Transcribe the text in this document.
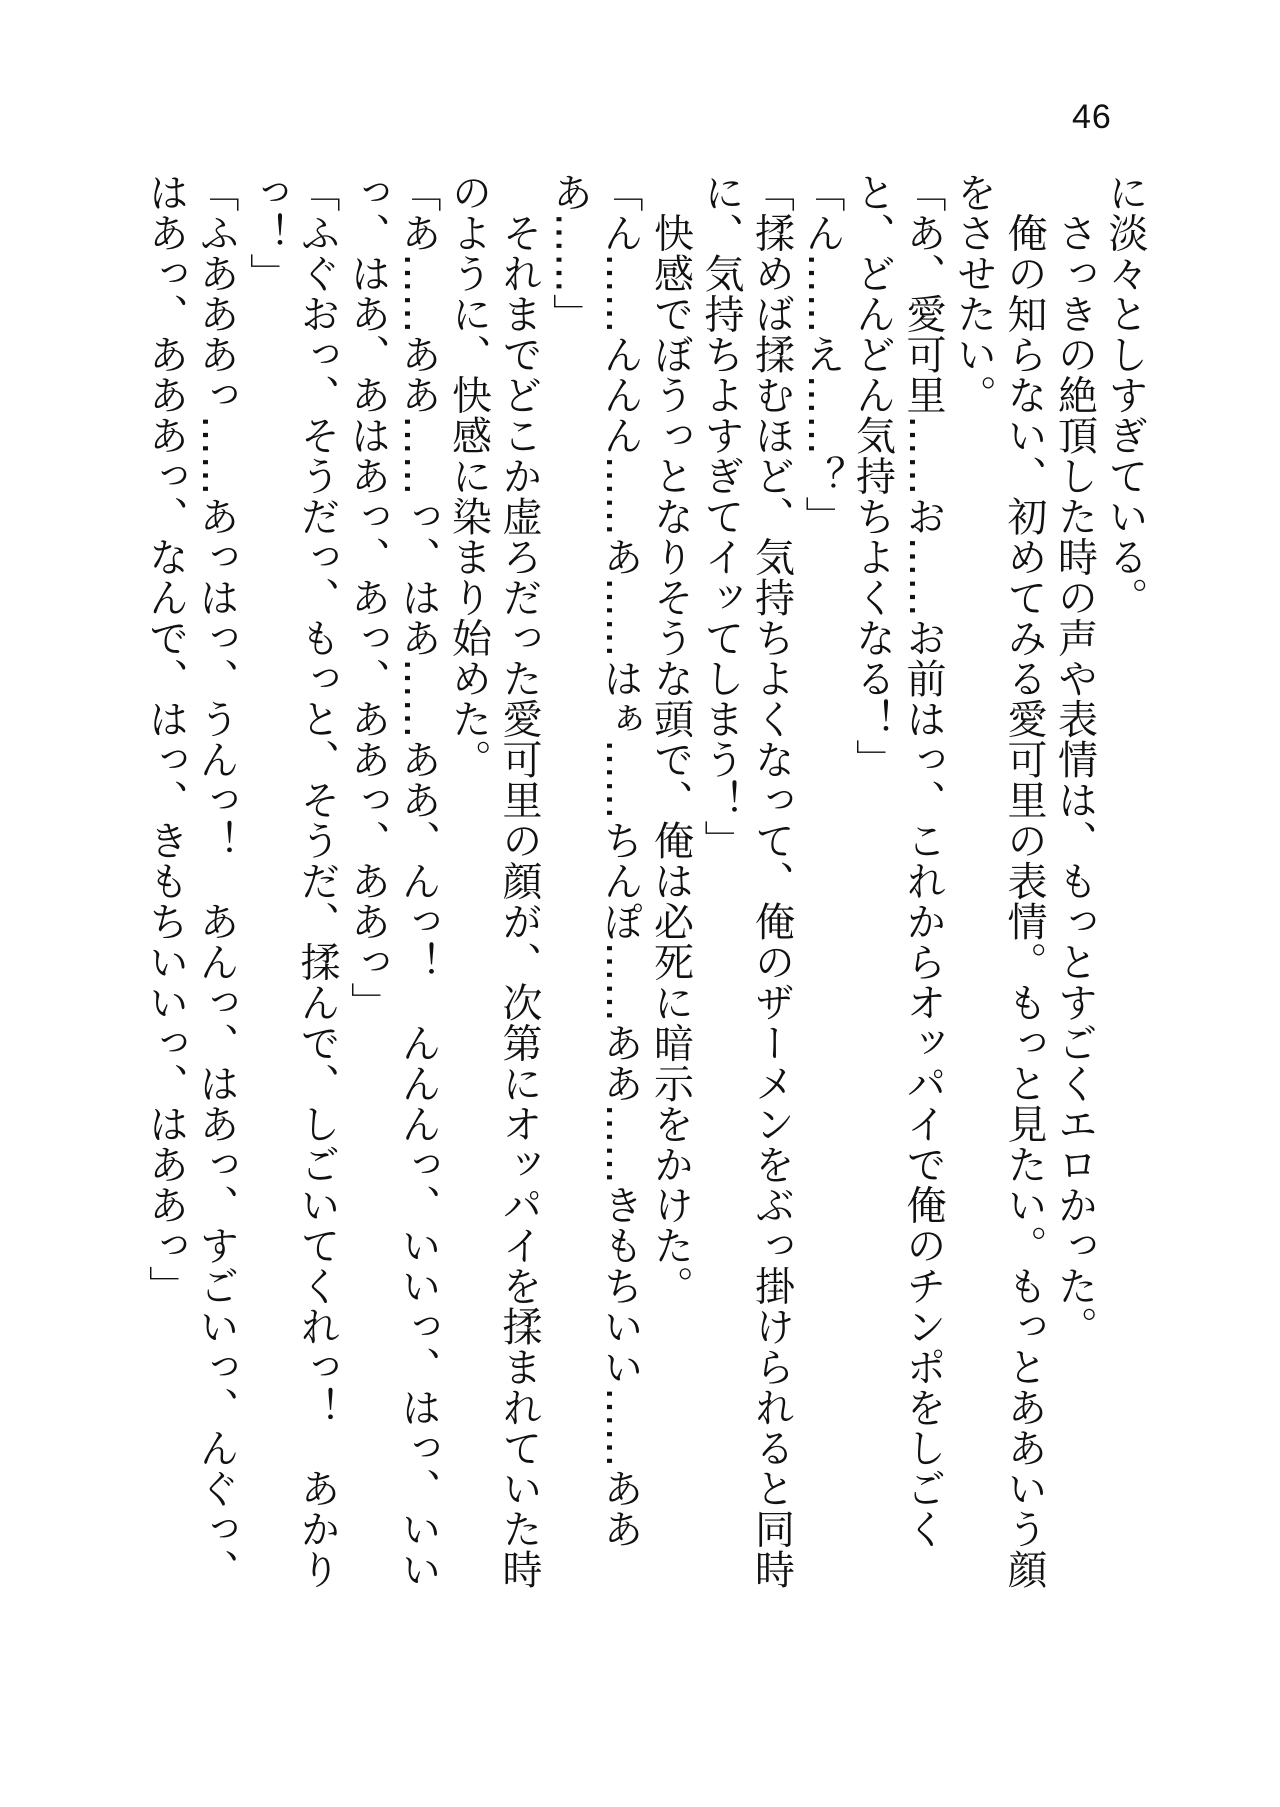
46

に淡々としすぎている。

　さっきの絶頂した時の声や表情は、もっとすごくエロかった。

　俺の知らない、初めてみる愛可里の表情。もっと見たい。もっとああいう顔をさせたい。

「あ、愛可里……お……お前はっ、これからオッパイで俺のチンポをしごくと、どんどん気持ちよくなる！」

「ん……え……？」

「揉めば揉むほど、気持ちよくなって、俺のザーメンをぶっ掛けられると同時に、気持ちよすぎてイッてしまう！」

　快感でぼうっとなりそうな頭で、俺は必死に暗示をかけた。

「ん……んんん……あ……はぁ……ちんぽ……ああ……きもちいい……あああ……」

　それまでどこか虚ろだった愛可里の顔が、次第にオッパイを揉まれていた時のように、快感に染まり始めた。

「あ……ああ……っ、はあ……ああ、んっ！　んんんっ、いいっ、はっ、いいっ、はあ、あはあっ、あっ、ああっ、ああっ」

「ふぐおっ、そうだっ、もっと、そうだ、揉んで、しごいてくれっ！　あかりっ！」

「ふあああっ……あっはっ、うんっ！　あんっ、はあっ、すごいっ、んぐっ、はあっ、あああっ、なんで、はっ、きもちいいっ、はああっ」
